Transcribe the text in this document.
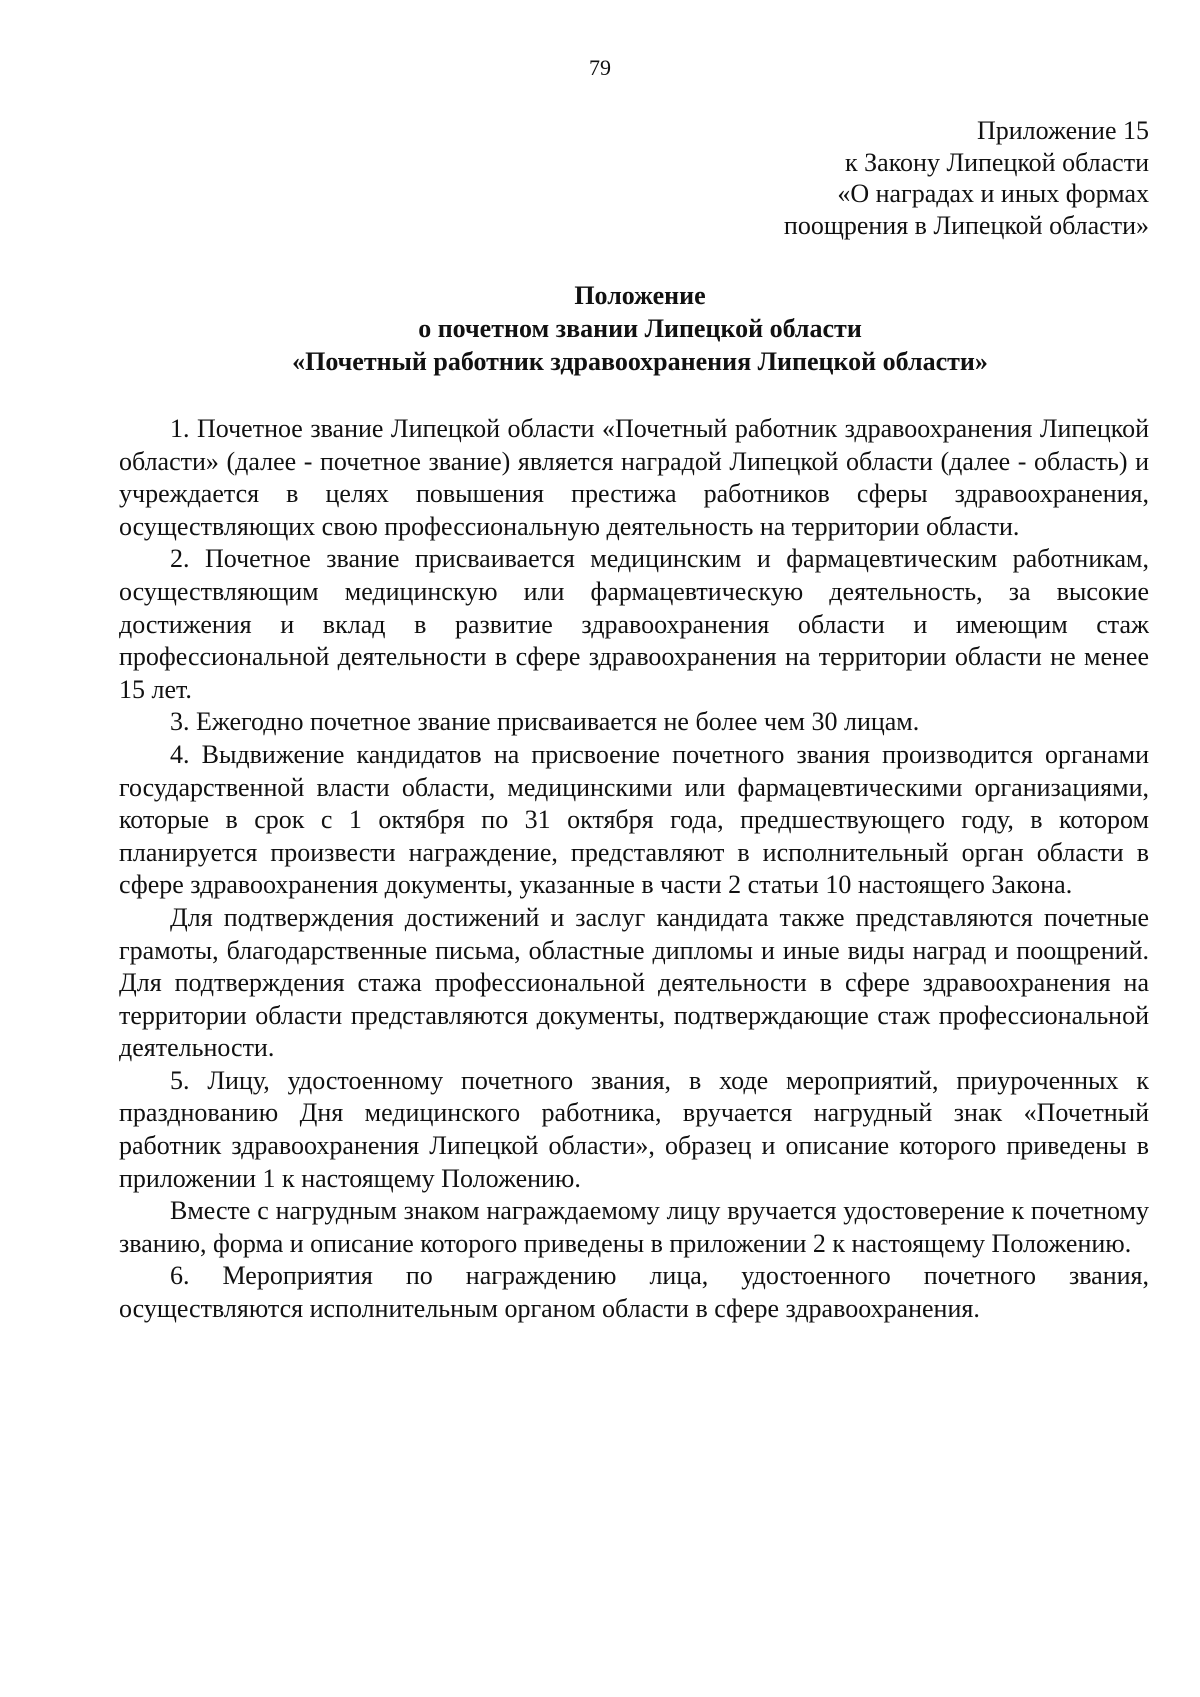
79
Приложение 15
к Закону Липецкой области
«О наградах и иных формах
поощрения в Липецкой области»
Положение
о почетном звании Липецкой области
«Почетный работник здравоохранения Липецкой области»

1. Почетное звание Липецкой области «Почетный работник здравоохранения Липецкой области» (далее - почетное звание) является наградой Липецкой области (далее - область) и учреждается в целях повышения престижа работников сферы здравоохранения, осуществляющих свою профессиональную деятельность на территории области.

2. Почетное звание присваивается медицинским и фармацевтическим работникам, осуществляющим медицинскую или фармацевтическую деятельность, за высокие достижения и вклад в развитие здравоохранения области и имеющим стаж профессиональной деятельности в сфере здравоохранения на территории области не менее 15 лет.

3. Ежегодно почетное звание присваивается не более чем 30 лицам.

4. Выдвижение кандидатов на присвоение почетного звания производится органами государственной власти области, медицинскими или фармацевтическими организациями, которые в срок с 1 октября по 31 октября года, предшествующего году, в котором планируется произвести награждение, представляют в исполнительный орган области в сфере здравоохранения документы, указанные в части 2 статьи 10 настоящего Закона.

Для подтверждения достижений и заслуг кандидата также представляются почетные грамоты, благодарственные письма, областные дипломы и иные виды наград и поощрений. Для подтверждения стажа профессиональной деятельности в сфере здравоохранения на территории области представляются документы, подтверждающие стаж профессиональной деятельности.

5. Лицу, удостоенному почетного звания, в ходе мероприятий, приуроченных к празднованию Дня медицинского работника, вручается нагрудный знак «Почетный работник здравоохранения Липецкой области», образец и описание которого приведены в приложении 1 к настоящему Положению.

Вместе с нагрудным знаком награждаемому лицу вручается удостоверение к почетному званию, форма и описание которого приведены в приложении 2 к настоящему Положению.

6. Мероприятия по награждению лица, удостоенного почетного звания, осуществляются исполнительным органом области в сфере здравоохранения.
